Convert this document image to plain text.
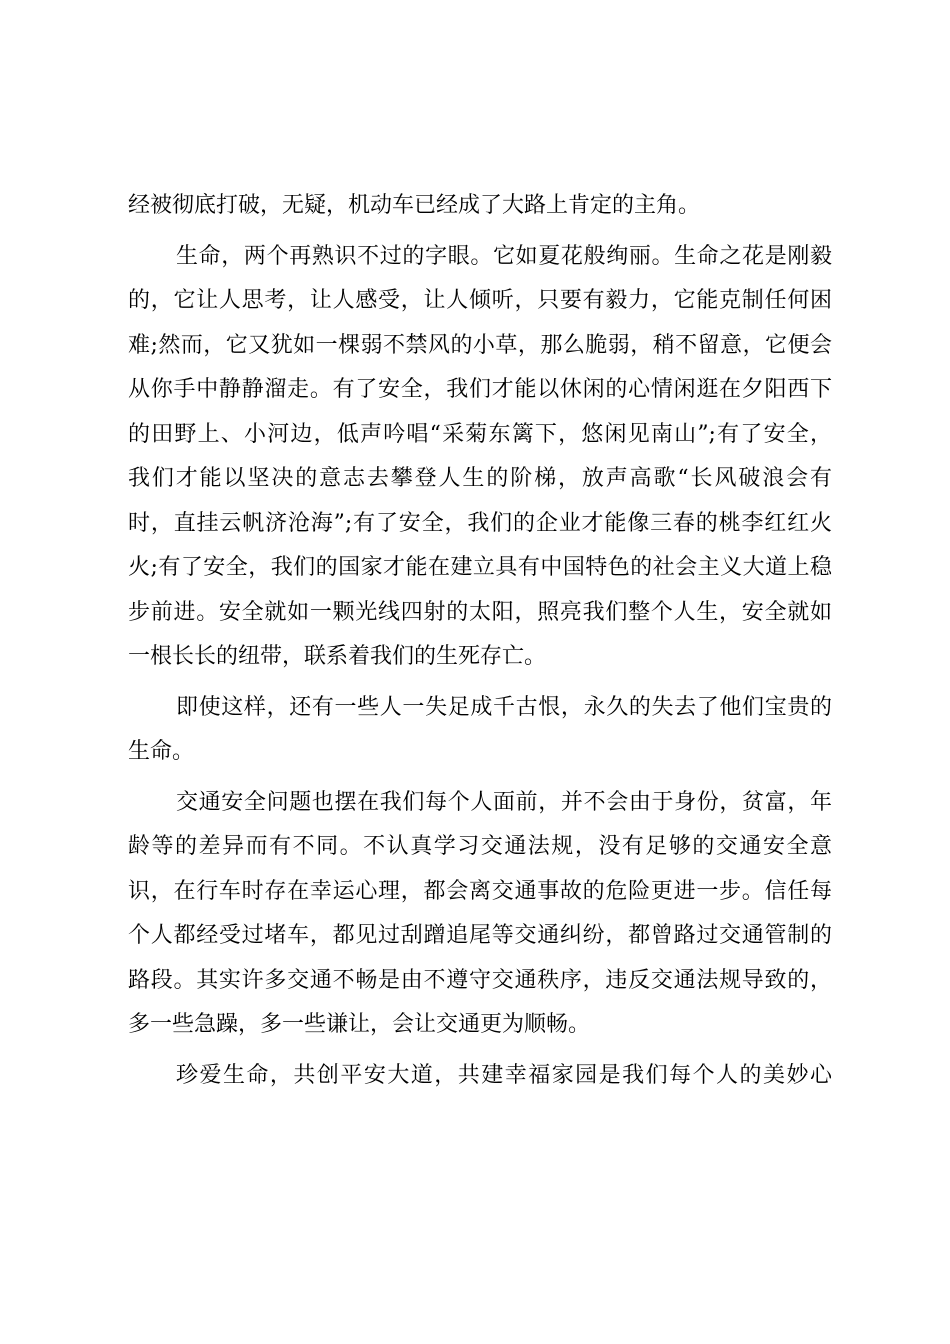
经被彻底打破，无疑，机动车已经成了大路上肯定的主角。
生命，两个再熟识不过的字眼。它如夏花般绚丽。生命之花是刚毅
的，它让人思考，让人感受，让人倾听，只要有毅力，它能克制任何困
难;然而，它又犹如一棵弱不禁风的小草，那么脆弱，稍不留意，它便会
从你手中静静溜走。有了安全，我们才能以休闲的心情闲逛在夕阳西下
的田野上、小河边，低声吟唱“采菊东篱下，悠闲见南山”;有了安全，
我们才能以坚决的意志去攀登人生的阶梯，放声高歌“长风破浪会有
时，直挂云帆济沧海”;有了安全，我们的企业才能像三春的桃李红红火
火;有了安全，我们的国家才能在建立具有中国特色的社会主义大道上稳
步前进。安全就如一颗光线四射的太阳，照亮我们整个人生，安全就如
一根长长的纽带，联系着我们的生死存亡。
即使这样，还有一些人一失足成千古恨，永久的失去了他们宝贵的
生命。
交通安全问题也摆在我们每个人面前，并不会由于身份，贫富，年
龄等的差异而有不同。不认真学习交通法规，没有足够的交通安全意
识，在行车时存在幸运心理，都会离交通事故的危险更进一步。信任每
个人都经受过堵车，都见过刮蹭追尾等交通纠纷，都曾路过交通管制的
路段。其实许多交通不畅是由不遵守交通秩序，违反交通法规导致的，
多一些急躁，多一些谦让，会让交通更为顺畅。
珍爱生命，共创平安大道，共建幸福家园是我们每个人的美妙心
